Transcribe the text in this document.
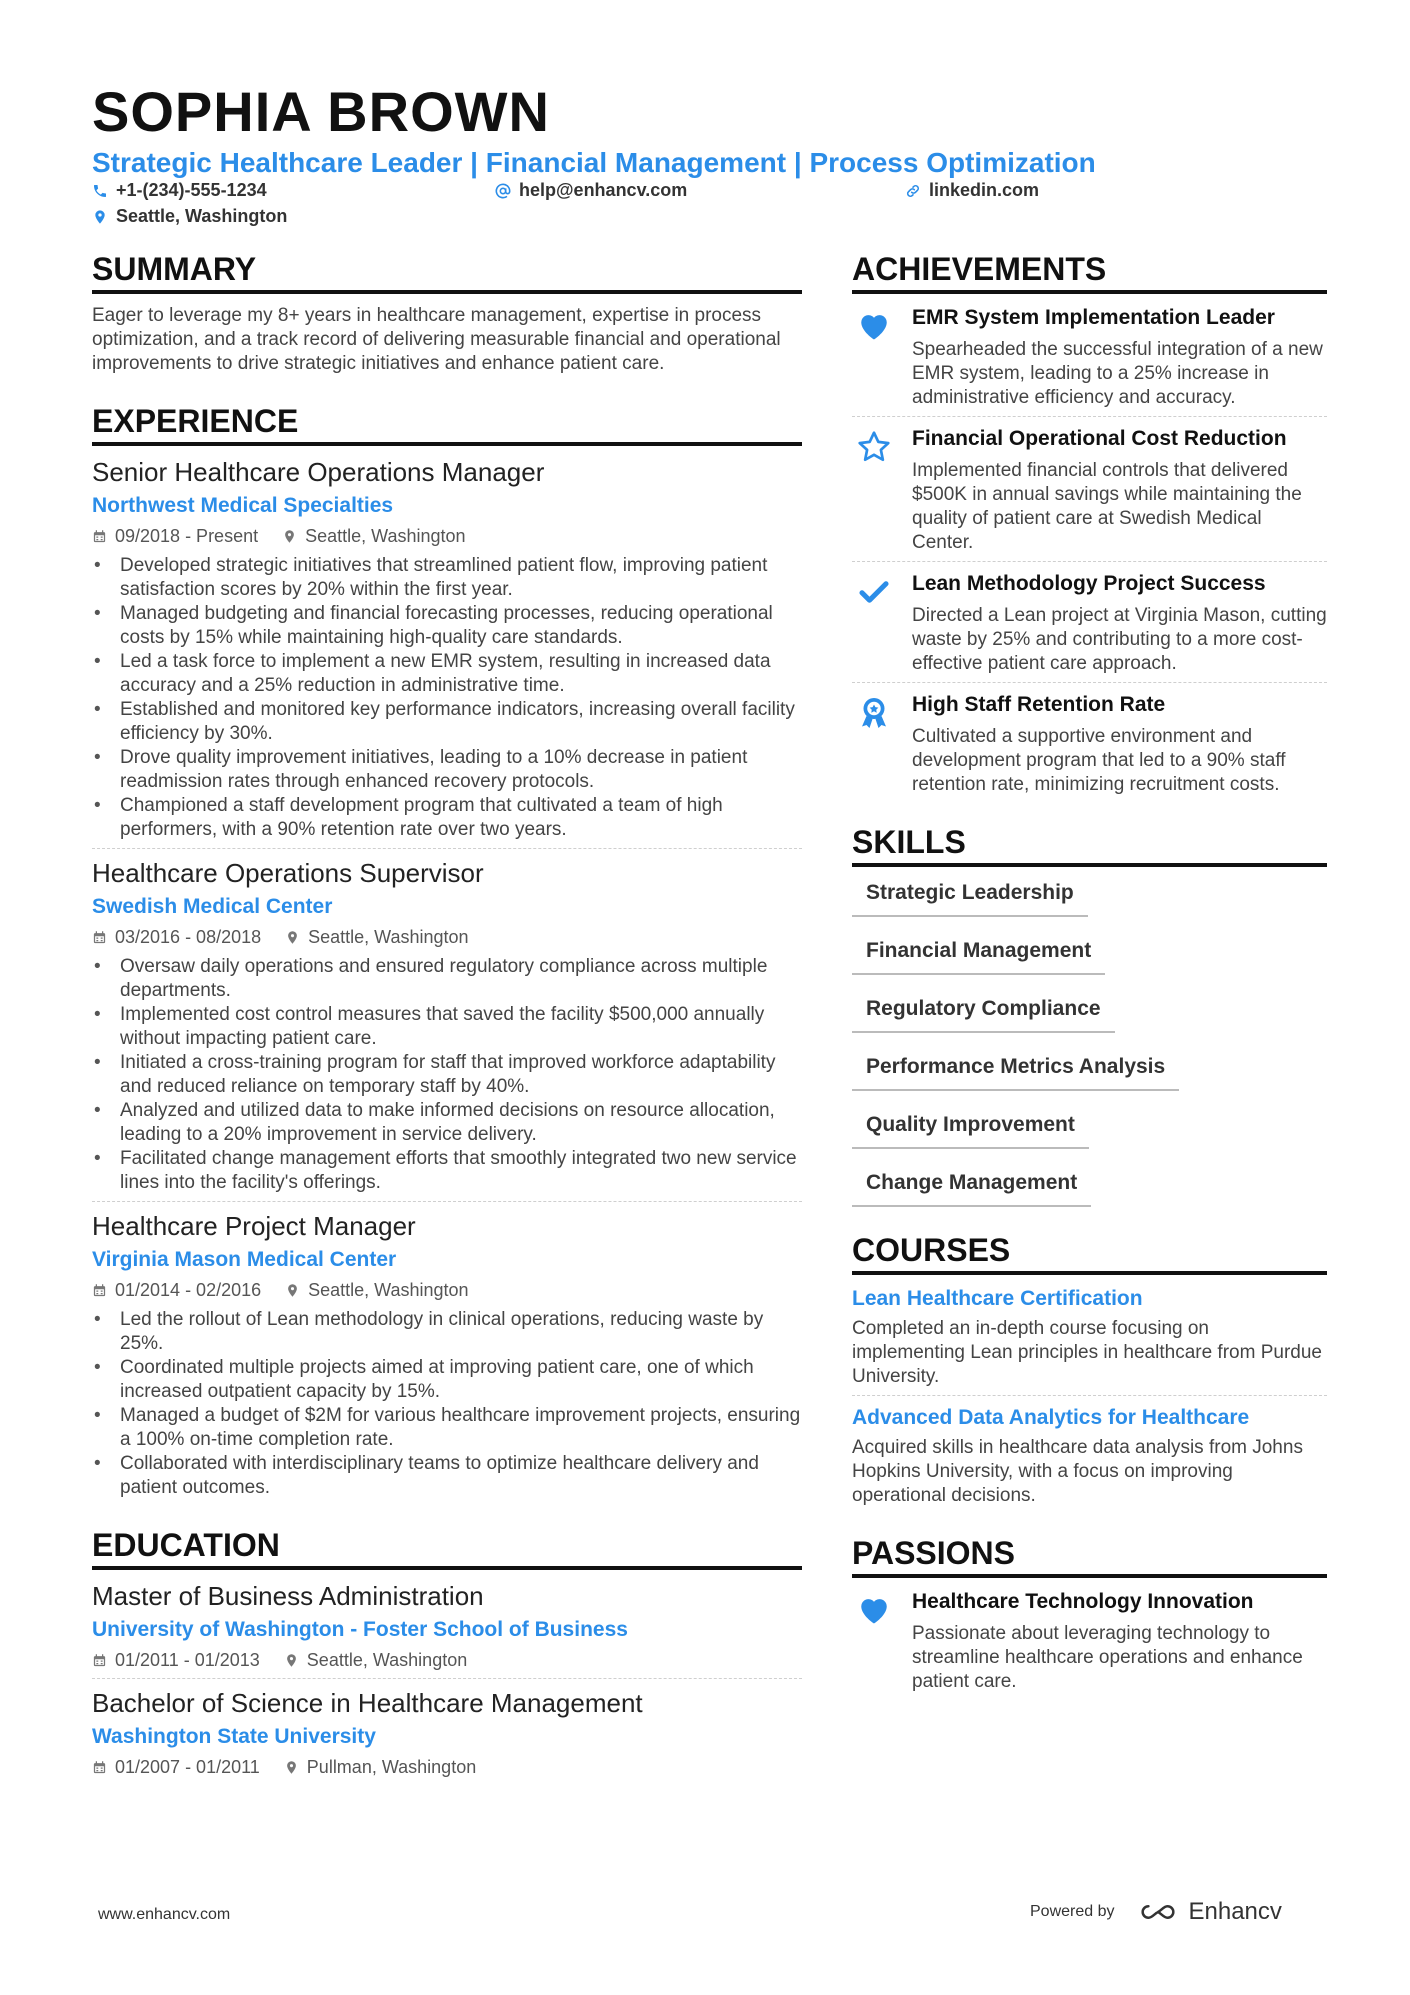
SOPHIA BROWN
Strategic Healthcare Leader | Financial Management | Process Optimization
+1-(234)-555-1234	help@enhancv.com	linkedin.com
Seattle, Washington
SUMMARY
Eager to leverage my 8+ years in healthcare management, expertise in process optimization, and a track record of delivering measurable financial and operational improvements to drive strategic initiatives and enhance patient care.
EXPERIENCE
Senior Healthcare Operations Manager
Northwest Medical Specialties
09/2018 - Present	Seattle, Washington
• Developed strategic initiatives that streamlined patient flow, improving patient satisfaction scores by 20% within the first year.
• Managed budgeting and financial forecasting processes, reducing operational costs by 15% while maintaining high-quality care standards.
• Led a task force to implement a new EMR system, resulting in increased data accuracy and a 25% reduction in administrative time.
• Established and monitored key performance indicators, increasing overall facility efficiency by 30%.
• Drove quality improvement initiatives, leading to a 10% decrease in patient readmission rates through enhanced recovery protocols.
• Championed a staff development program that cultivated a team of high performers, with a 90% retention rate over two years.
Healthcare Operations Supervisor
Swedish Medical Center
03/2016 - 08/2018	Seattle, Washington
• Oversaw daily operations and ensured regulatory compliance across multiple departments.
• Implemented cost control measures that saved the facility $500,000 annually without impacting patient care.
• Initiated a cross-training program for staff that improved workforce adaptability and reduced reliance on temporary staff by 40%.
• Analyzed and utilized data to make informed decisions on resource allocation, leading to a 20% improvement in service delivery.
• Facilitated change management efforts that smoothly integrated two new service lines into the facility's offerings.
Healthcare Project Manager
Virginia Mason Medical Center
01/2014 - 02/2016	Seattle, Washington
• Led the rollout of Lean methodology in clinical operations, reducing waste by 25%.
• Coordinated multiple projects aimed at improving patient care, one of which increased outpatient capacity by 15%.
• Managed a budget of $2M for various healthcare improvement projects, ensuring a 100% on-time completion rate.
• Collaborated with interdisciplinary teams to optimize healthcare delivery and patient outcomes.
EDUCATION
Master of Business Administration
University of Washington - Foster School of Business
01/2011 - 01/2013	Seattle, Washington
Bachelor of Science in Healthcare Management
Washington State University
01/2007 - 01/2011	Pullman, Washington
ACHIEVEMENTS
EMR System Implementation Leader
Spearheaded the successful integration of a new EMR system, leading to a 25% increase in administrative efficiency and accuracy.
Financial Operational Cost Reduction
Implemented financial controls that delivered $500K in annual savings while maintaining the quality of patient care at Swedish Medical Center.
Lean Methodology Project Success
Directed a Lean project at Virginia Mason, cutting waste by 25% and contributing to a more cost-effective patient care approach.
High Staff Retention Rate
Cultivated a supportive environment and development program that led to a 90% staff retention rate, minimizing recruitment costs.
SKILLS
Strategic Leadership
Financial Management
Regulatory Compliance
Performance Metrics Analysis
Quality Improvement
Change Management
COURSES
Lean Healthcare Certification
Completed an in-depth course focusing on implementing Lean principles in healthcare from Purdue University.
Advanced Data Analytics for Healthcare
Acquired skills in healthcare data analysis from Johns Hopkins University, with a focus on improving operational decisions.
PASSIONS
Healthcare Technology Innovation
Passionate about leveraging technology to streamline healthcare operations and enhance patient care.
www.enhancv.com	Powered by	Enhancv
